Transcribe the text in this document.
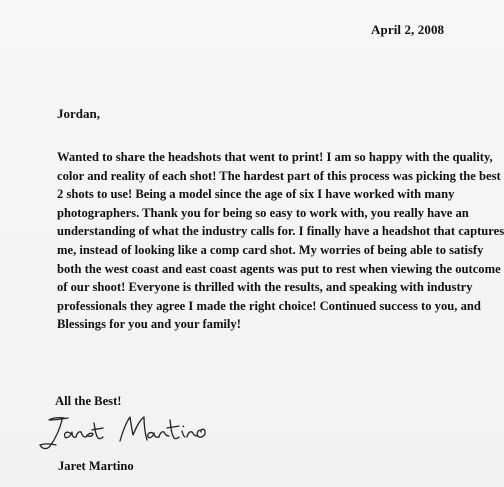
April 2, 2008
Jordan,
Wanted to share the headshots that went to print! I am so happy with the quality,
color and reality of each shot! The hardest part of this process was picking the best
2 shots to use! Being a model since the age of six I have worked with many
photographers. Thank you for being so easy to work with, you really have an
understanding of what the industry calls for. I finally have a headshot that captures
me, instead of looking like a comp card shot. My worries of being able to satisfy
both the west coast and east coast agents was put to rest when viewing the outcome
of our shoot! Everyone is thrilled with the results, and speaking with industry
professionals they agree I made the right choice! Continued success to you, and
Blessings for you and your family!
All the Best!
Jaret Martino
